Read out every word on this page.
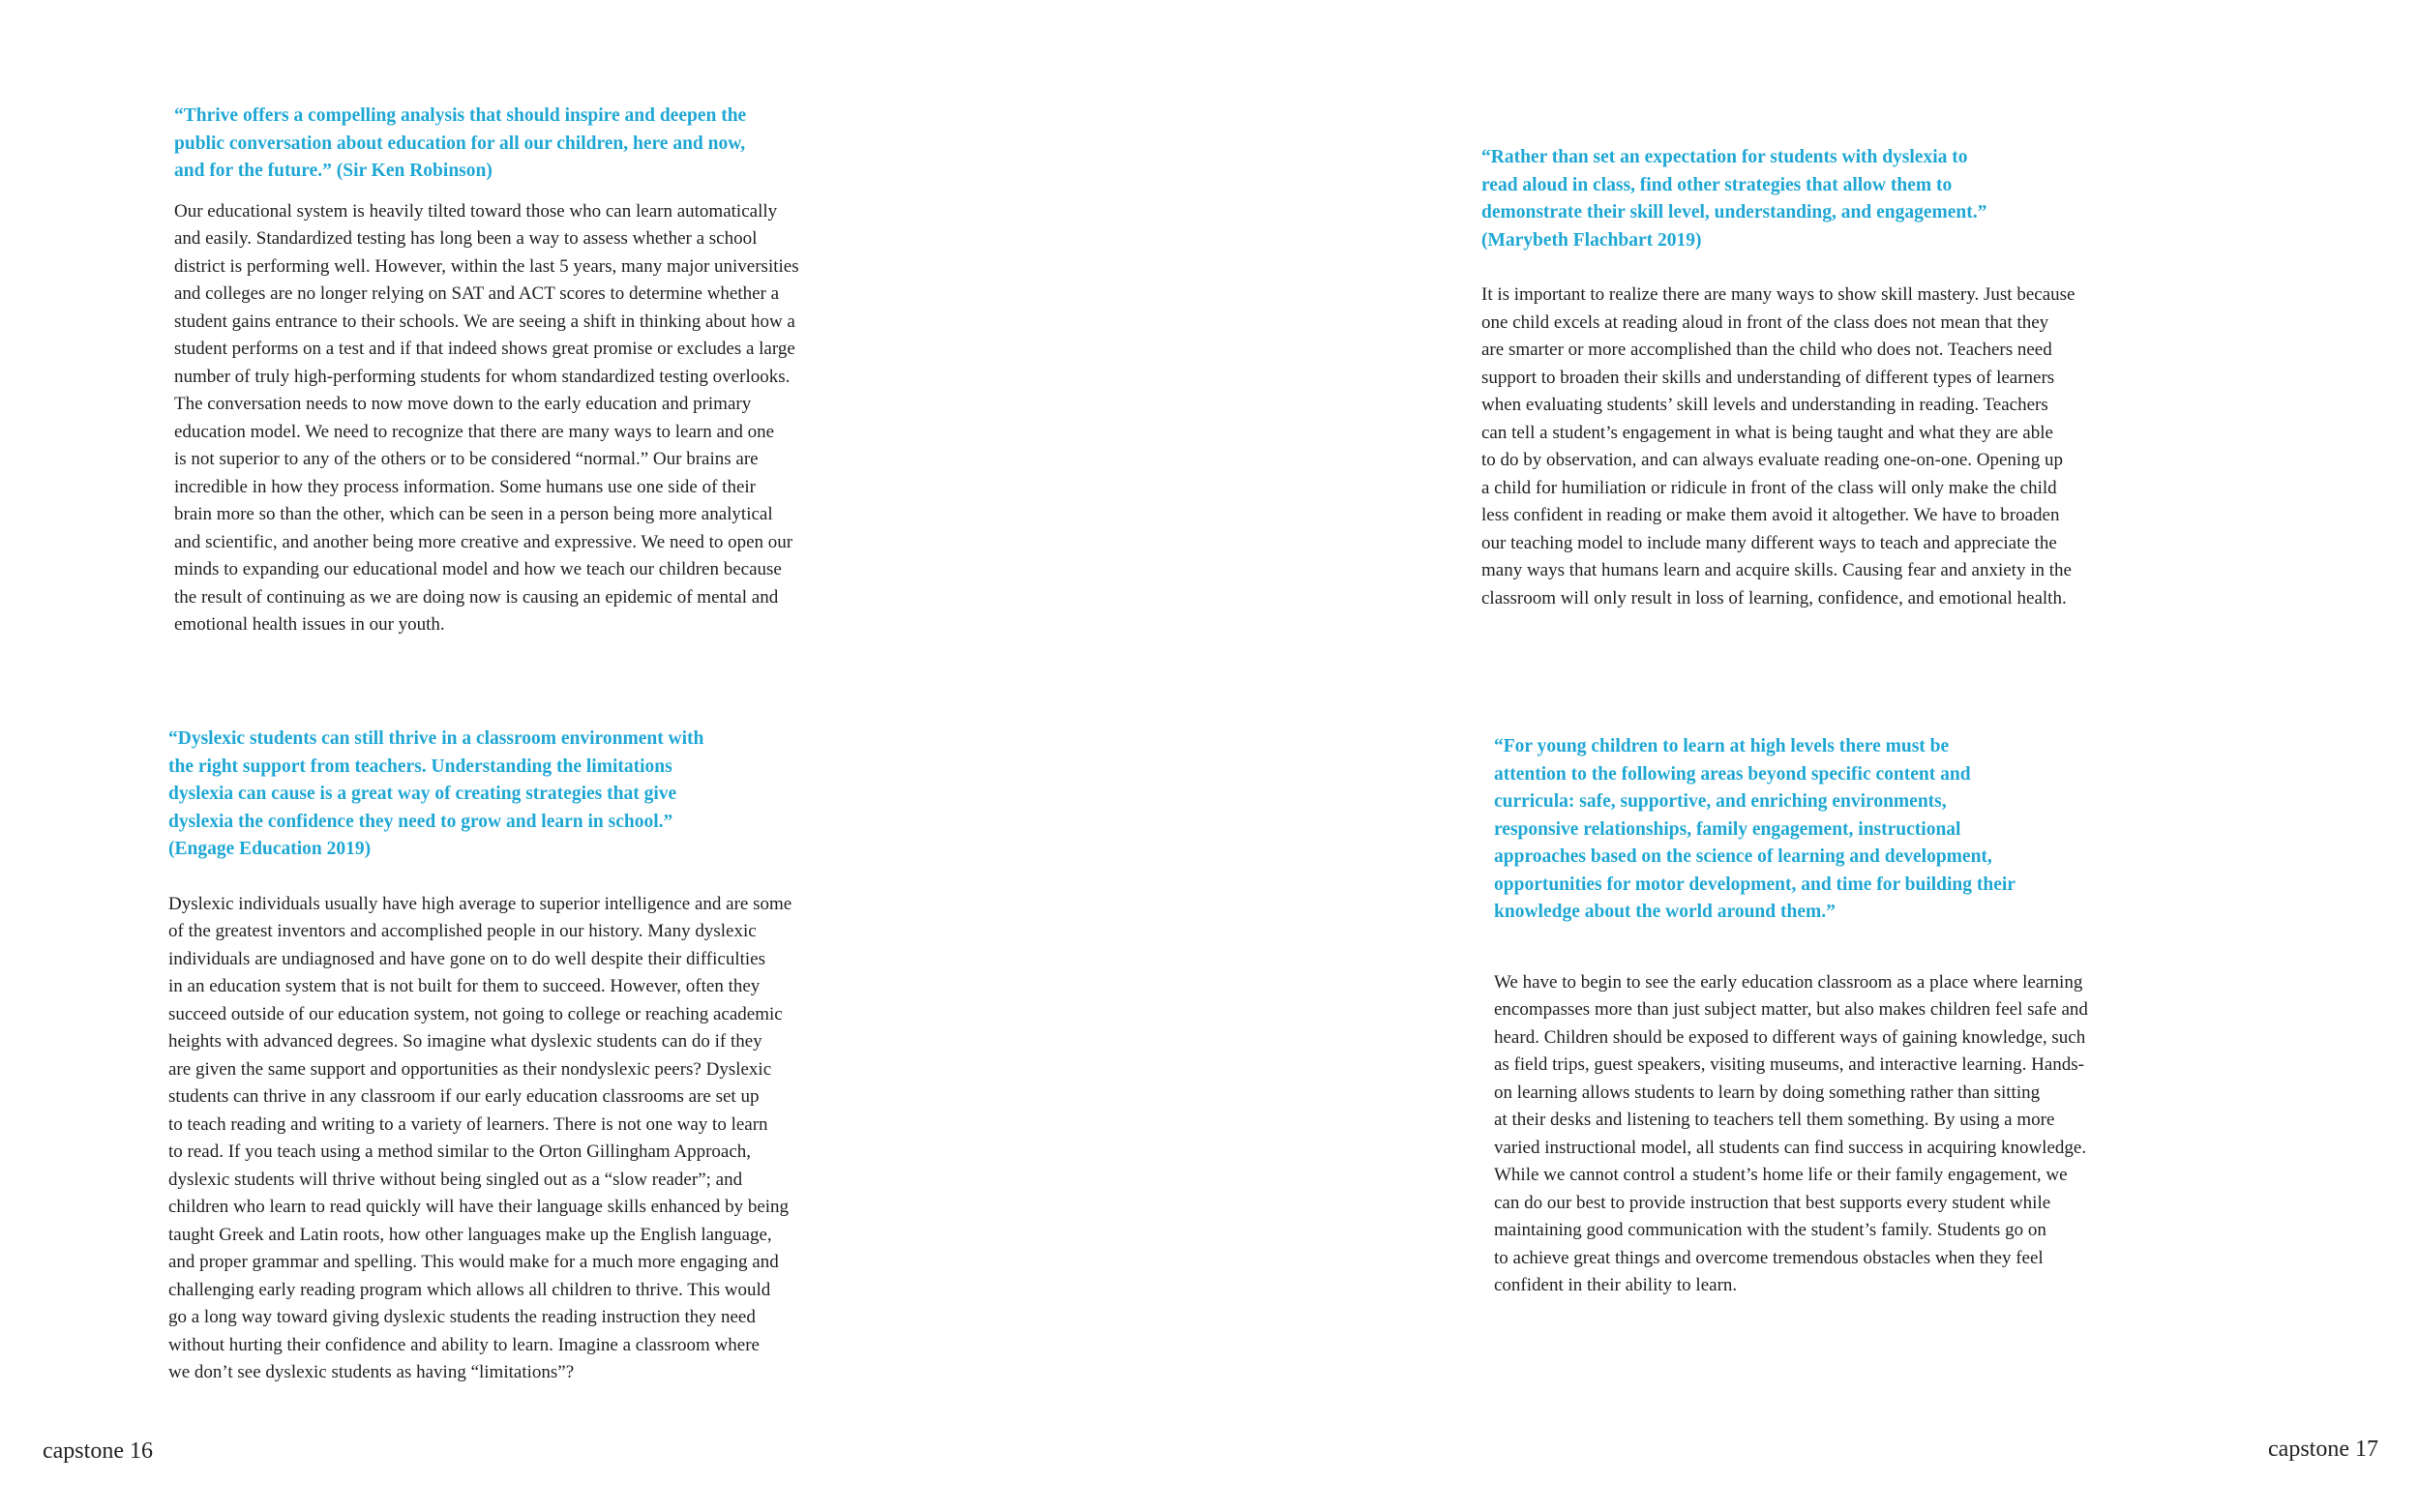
“Thrive offers a compelling analysis that should inspire and deepen the
public conversation about education for all our children, here and now,
and for the future.” (Sir Ken Robinson)

Our educational system is heavily tilted toward those who can learn automatically
and easily. Standardized testing has long been a way to assess whether a school
district is performing well. However, within the last 5 years, many major universities
and colleges are no longer relying on SAT and ACT scores to determine whether a
student gains entrance to their schools. We are seeing a shift in thinking about how a
student performs on a test and if that indeed shows great promise or excludes a large
number of truly high-performing students for whom standardized testing overlooks.
The conversation needs to now move down to the early education and primary
education model. We need to recognize that there are many ways to learn and one
is not superior to any of the others or to be considered “normal.” Our brains are
incredible in how they process information. Some humans use one side of their
brain more so than the other, which can be seen in a person being more analytical
and scientific, and another being more creative and expressive. We need to open our
minds to expanding our educational model and how we teach our children because
the result of continuing as we are doing now is causing an epidemic of mental and
emotional health issues in our youth.

“Dyslexic students can still thrive in a classroom environment with
the right support from teachers. Understanding the limitations
dyslexia can cause is a great way of creating strategies that give
dyslexia the confidence they need to grow and learn in school.”
(Engage Education 2019)

Dyslexic individuals usually have high average to superior intelligence and are some
of the greatest inventors and accomplished people in our history. Many dyslexic
individuals are undiagnosed and have gone on to do well despite their difficulties
in an education system that is not built for them to succeed. However, often they
succeed outside of our education system, not going to college or reaching academic
heights with advanced degrees. So imagine what dyslexic students can do if they
are given the same support and opportunities as their nondyslexic peers? Dyslexic
students can thrive in any classroom if our early education classrooms are set up
to teach reading and writing to a variety of learners. There is not one way to learn
to read. If you teach using a method similar to the Orton Gillingham Approach,
dyslexic students will thrive without being singled out as a “slow reader”; and
children who learn to read quickly will have their language skills enhanced by being
taught Greek and Latin roots, how other languages make up the English language,
and proper grammar and spelling. This would make for a much more engaging and
challenging early reading program which allows all children to thrive. This would
go a long way toward giving dyslexic students the reading instruction they need
without hurting their confidence and ability to learn. Imagine a classroom where
we don’t see dyslexic students as having “limitations”?

capstone 16

“Rather than set an expectation for students with dyslexia to
read aloud in class, find other strategies that allow them to
demonstrate their skill level, understanding, and engagement.”
(Marybeth Flachbart 2019)

It is important to realize there are many ways to show skill mastery. Just because
one child excels at reading aloud in front of the class does not mean that they
are smarter or more accomplished than the child who does not. Teachers need
support to broaden their skills and understanding of different types of learners
when evaluating students’ skill levels and understanding in reading. Teachers
can tell a student’s engagement in what is being taught and what they are able
to do by observation, and can always evaluate reading one-on-one. Opening up
a child for humiliation or ridicule in front of the class will only make the child
less confident in reading or make them avoid it altogether. We have to broaden
our teaching model to include many different ways to teach and appreciate the
many ways that humans learn and acquire skills. Causing fear and anxiety in the
classroom will only result in loss of learning, confidence, and emotional health.

“For young children to learn at high levels there must be
attention to the following areas beyond specific content and
curricula: safe, supportive, and enriching environments,
responsive relationships, family engagement, instructional
approaches based on the science of learning and development,
opportunities for motor development, and time for building their
knowledge about the world around them.”

We have to begin to see the early education classroom as a place where learning
encompasses more than just subject matter, but also makes children feel safe and
heard. Children should be exposed to different ways of gaining knowledge, such
as field trips, guest speakers, visiting museums, and interactive learning. Hands-
on learning allows students to learn by doing something rather than sitting
at their desks and listening to teachers tell them something. By using a more
varied instructional model, all students can find success in acquiring knowledge.
While we cannot control a student’s home life or their family engagement, we
can do our best to provide instruction that best supports every student while
maintaining good communication with the student’s family. Students go on
to achieve great things and overcome tremendous obstacles when they feel
confident in their ability to learn.

capstone 17
